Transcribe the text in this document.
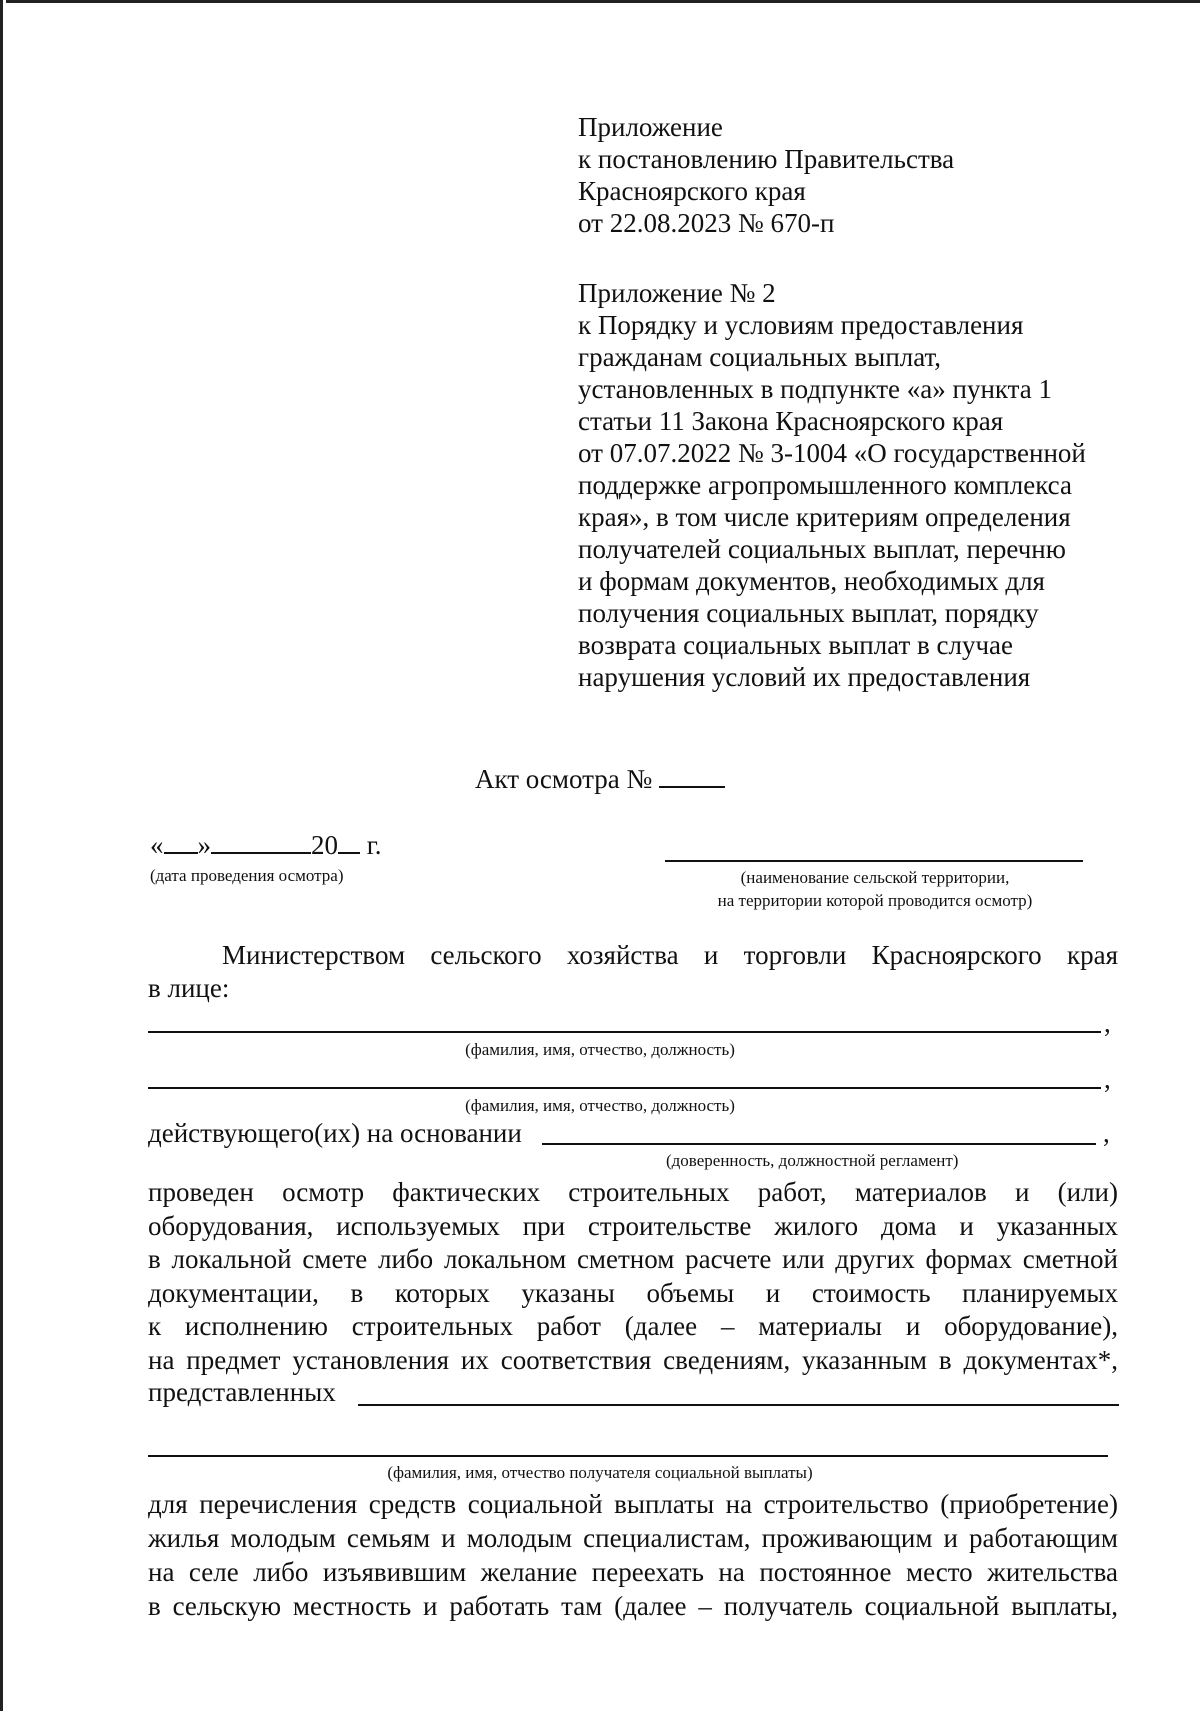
Приложение
к постановлению Правительства
Красноярского края
от 22.08.2023 № 670-п
Приложение № 2
к Порядку и условиям предоставления
гражданам социальных выплат,
установленных в подпункте «а» пункта 1
статьи 11 Закона Красноярского края
от 07.07.2022 № 3-1004 «О государственной
поддержке агропромышленного комплекса
края», в том числе критериям определения
получателей социальных выплат, перечню
и формам документов, необходимых для
получения социальных выплат, порядку
возврата социальных выплат в случае
нарушения условий их предоставления
Акт осмотра №
« »	20 г.
(дата проведения осмотра)	(наименование сельской территории,
на территории которой проводится осмотр)
Министерством сельского хозяйства и торговли Красноярского края
в лице:
,
(фамилия, имя, отчество, должность)
,
(фамилия, имя, отчество, должность)
действующего(их) на основании	,
(доверенность, должностной регламент)
проведен осмотр фактических строительных работ, материалов и (или)
оборудования, используемых при строительстве жилого дома и указанных
в локальной смете либо локальном сметном расчете или других формах сметной
документации, в которых указаны объемы и стоимость планируемых
к исполнению строительных работ (далее – материалы и оборудование),
на предмет установления их соответствия сведениям, указанным в документах*,
представленных
(фамилия, имя, отчество получателя социальной выплаты)
для перечисления средств социальной выплаты на строительство (приобретение)
жилья молодым семьям и молодым специалистам, проживающим и работающим
на селе либо изъявившим желание переехать на постоянное место жительства
в сельскую местность и работать там (далее – получатель социальной выплаты,
